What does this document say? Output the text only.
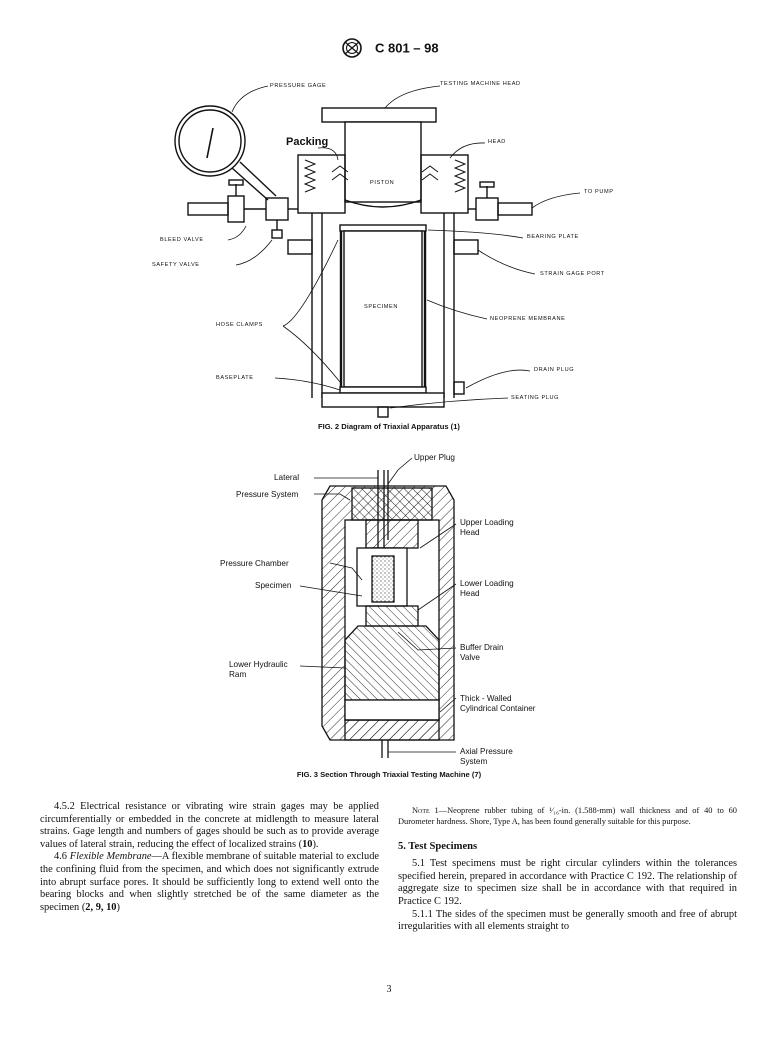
C 801 – 98
PRESSURE GAGE	TESTING MACHINE HEAD
Packing	HEAD
PISTON
TO PUMP
BLEED VALVE	BEARING PLATE
SAFETY VALVE
STRAIN GAGE PORT
SPECIMEN
NEOPRENE MEMBRANE
HOSE CLAMPS
DRAIN PLUG
BASEPLATE
SEATING PLUG
FIG. 2 Diagram of Triaxial Apparatus (1)
Upper Plug
Lateral
Pressure System
Upper Loading
Head
Pressure Chamber
Specimen	Lower Loading
Head
Buffer Drain
Valve
Lower Hydraulic
Ram
Thick - Walled
Cylindrical Container
Axial Pressure
System
FIG. 3 Section Through Triaxial Testing Machine (7)

4.5.2 Electrical resistance or vibrating wire strain gages may be applied circumferentially or embedded in the concrete at midlength to measure lateral strains. Gage length and numbers of gages should be such as to provide average values of lateral strain, reducing the effect of localized strains (10).

4.6 Flexible Membrane—A flexible membrane of suitable material to exclude the confining fluid from the specimen, and which does not significantly extrude into abrupt surface pores. It should be sufficiently long to extend well onto the bearing blocks and when slightly stretched be of the same diameter as the specimen (2, 9, 10)

Note 1—Neoprene rubber tubing of ¹⁄₁₆-in. (1.588-mm) wall thickness and of 40 to 60 Durometer hardness. Shore, Type A, has been found generally suitable for this purpose.
5. Test Specimens

5.1 Test specimens must be right circular cylinders within the tolerances specified herein, prepared in accordance with Practice C 192. The relationship of aggregate size to specimen size shall be in accordance with that required in Practice C 192.

5.1.1 The sides of the specimen must be generally smooth and free of abrupt irregularities with all elements straight to

3
